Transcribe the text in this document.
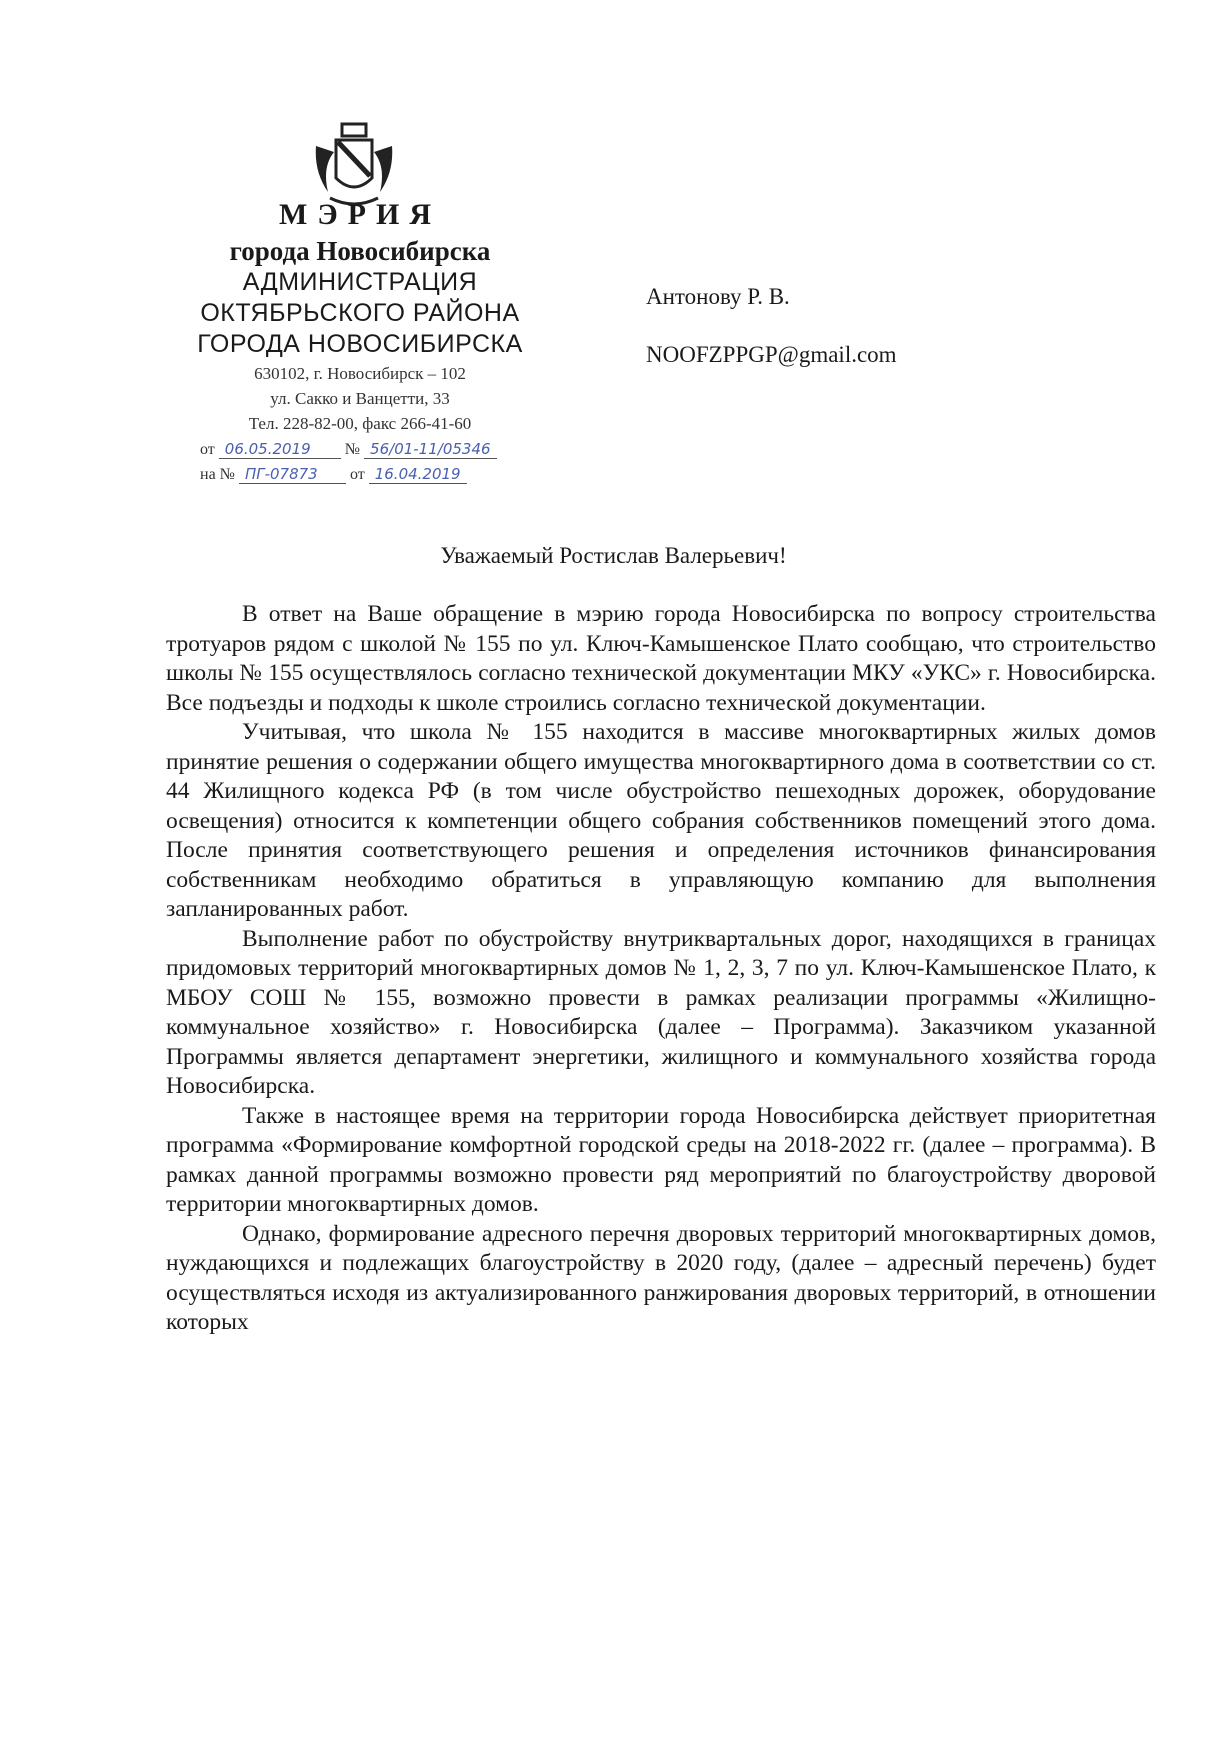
МЭРИЯ
города Новосибирска
АДМИНИСТРАЦИЯ
ОКТЯБРЬСКОГО РАЙОНА
ГОРОДА НОВОСИБИРСКА
630102, г. Новосибирск – 102
ул. Сакко и Ванцетти, 33
Тел. 228-82-00, факс 266-41-60
от 06.05.2019 № 56/01-11/05346
на № ПГ-07873 от 16.04.2019
Антонову Р. В.
NOOFZPPGP@gmail.com
Уважаемый Ростислав Валерьевич!

В ответ на Ваше обращение в мэрию города Новосибирска по вопросу строительства тротуаров рядом с школой № 155 по ул. Ключ-Камышенское Плато сообщаю, что строительство школы № 155 осуществлялось согласно технической документации МКУ «УКС» г. Новосибирска. Все подъезды и подходы к школе строились согласно технической документации.

Учитывая, что школа № 155 находится в массиве многоквартирных жилых домов принятие решения о содержании общего имущества многоквартирного дома в соответствии со ст. 44 Жилищного кодекса РФ (в том числе обустройство пешеходных дорожек, оборудование освещения) относится к компетенции общего собрания собственников помещений этого дома. После принятия соответствующего решения и определения источников финансирования собственникам необходимо обратиться в управляющую компанию для выполнения запланированных работ.

Выполнение работ по обустройству внутриквартальных дорог, находящихся в границах придомовых территорий многоквартирных домов № 1, 2, 3, 7 по ул. Ключ-Камышенское Плато, к МБОУ СОШ № 155, возможно провести в рамках реализации программы «Жилищно-коммунальное хозяйство» г. Новосибирска (далее – Программа). Заказчиком указанной Программы является департамент энергетики, жилищного и коммунального хозяйства города Новосибирска.

Также в настоящее время на территории города Новосибирска действует приоритетная программа «Формирование комфортной городской среды на 2018-2022 гг. (далее – программа). В рамках данной программы возможно провести ряд мероприятий по благоустройству дворовой территории многоквартирных домов.

Однако, формирование адресного перечня дворовых территорий многоквартирных домов, нуждающихся и подлежащих благоустройству в 2020 году, (далее – адресный перечень) будет осуществляться исходя из актуализированного ранжирования дворовых территорий, в отношении которых
